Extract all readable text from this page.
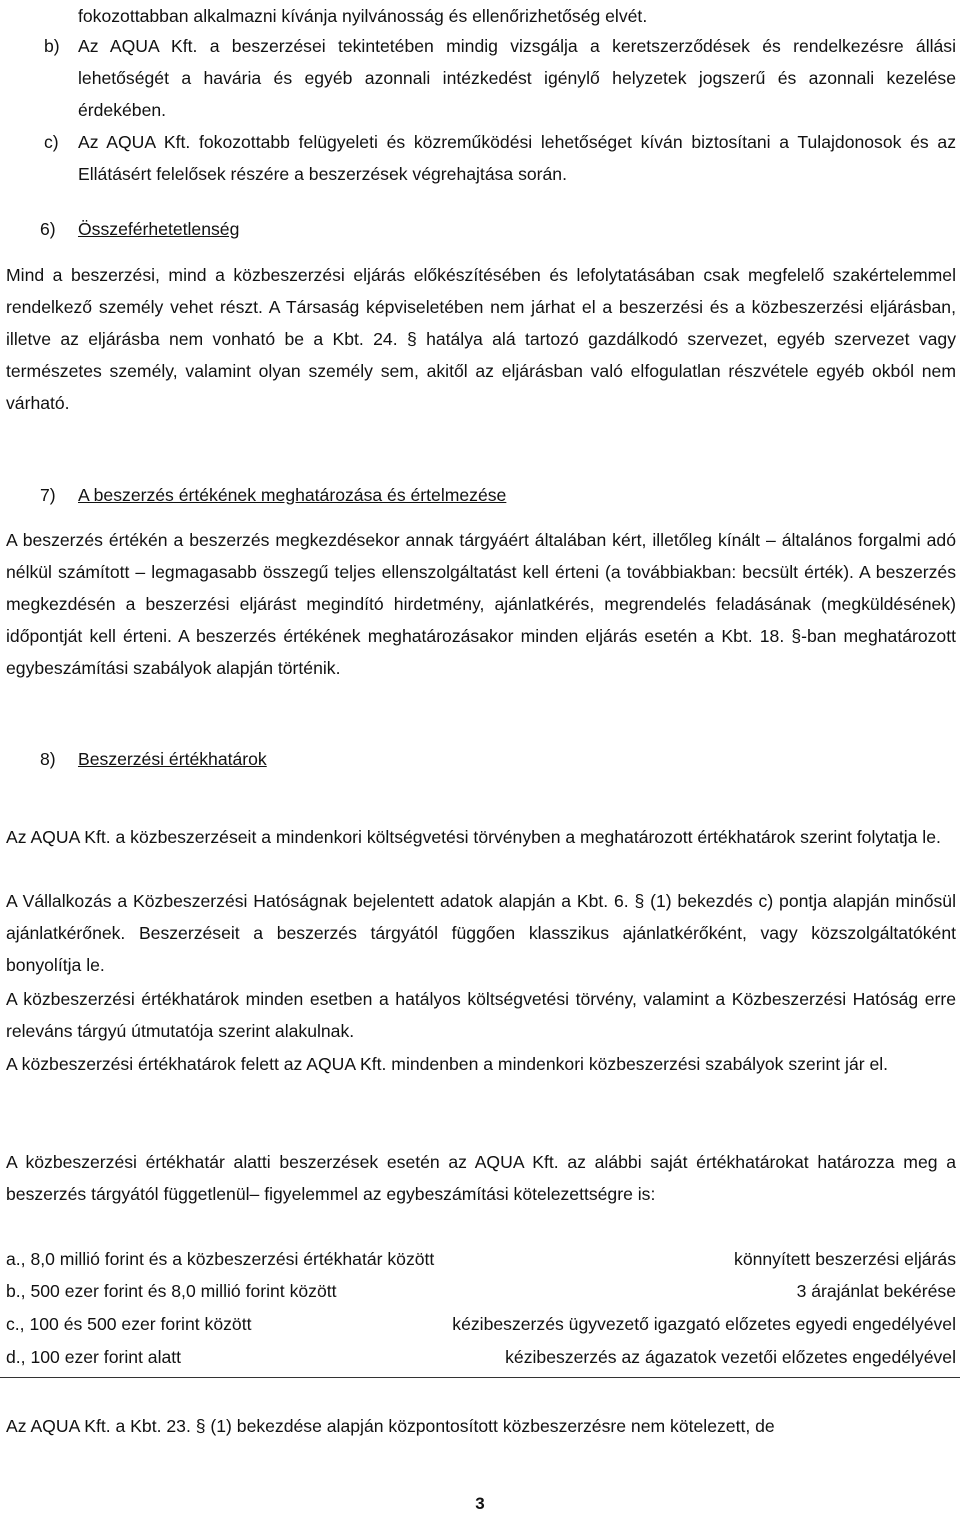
fokozottabban alkalmazni kívánja nyilvánosság és ellenőrizhetőség elvét.

b) Az AQUA Kft. a beszerzései tekintetében mindig vizsgálja a keretszerződések és rendelkezésre állási lehetőségét a havária és egyéb azonnali intézkedést igénylő helyzetek jogszerű és azonnali kezelése érdekében.

c) Az AQUA Kft. fokozottabb felügyeleti és közreműködési lehetőséget kíván biztosítani a Tulajdonosok és az Ellátásért felelősek részére a beszerzések végrehajtása során.

6) Összeférhetetlenség

Mind a beszerzési, mind a közbeszerzési eljárás előkészítésében és lefolytatásában csak megfelelő szakértelemmel rendelkező személy vehet részt. A Társaság képviseletében nem járhat el a beszerzési és a közbeszerzési eljárásban, illetve az eljárásba nem vonható be a Kbt. 24. § hatálya alá tartozó gazdálkodó szervezet, egyéb szervezet vagy természetes személy, valamint olyan személy sem, akitől az eljárásban való elfogulatlan részvétele egyéb okból nem várható.

7) A beszerzés értékének meghatározása és értelmezése

A beszerzés értékén a beszerzés megkezdésekor annak tárgyáért általában kért, illetőleg kínált – általános forgalmi adó nélkül számított – legmagasabb összegű teljes ellenszolgáltatást kell érteni (a továbbiakban: becsült érték). A beszerzés megkezdésén a beszerzési eljárást megindító hirdetmény, ajánlatkérés, megrendelés feladásának (megküldésének) időpontját kell érteni. A beszerzés értékének meghatározásakor minden eljárás esetén a Kbt. 18. §-ban meghatározott egybeszámítási szabályok alapján történik.

8) Beszerzési értékhatárok

Az AQUA Kft. a közbeszerzéseit a mindenkori költségvetési törvényben a meghatározott értékhatárok szerint folytatja le.

A Vállalkozás a Közbeszerzési Hatóságnak bejelentett adatok alapján a Kbt. 6. § (1) bekezdés c) pontja alapján minősül ajánlatkérőnek. Beszerzéseit a beszerzés tárgyától függően klasszikus ajánlatkérőként, vagy közszolgáltatóként bonyolítja le.

A közbeszerzési értékhatárok minden esetben a hatályos költségvetési törvény, valamint a Közbeszerzési Hatóság erre releváns tárgyú útmutatója szerint alakulnak.

A közbeszerzési értékhatárok felett az AQUA Kft. mindenben a mindenkori közbeszerzési szabályok szerint jár el.

A közbeszerzési értékhatár alatti beszerzések esetén az AQUA Kft. az alábbi saját értékhatárokat határozza meg a beszerzés tárgyától függetlenül– figyelemmel az egybeszámítási kötelezettségre is:

a., 8,0 millió forint és a közbeszerzési értékhatár között	könnyített beszerzési eljárás
b., 500 ezer forint és 8,0 millió forint között	3 árajánlat bekérése
c., 100 és 500 ezer forint között	kézibeszerzés ügyvezető igazgató előzetes egyedi engedélyével
d., 100 ezer forint alatt	kézibeszerzés az ágazatok vezetői előzetes engedélyével

Az AQUA Kft. a Kbt. 23. § (1) bekezdése alapján központosított közbeszerzésre nem kötelezett, de

3
